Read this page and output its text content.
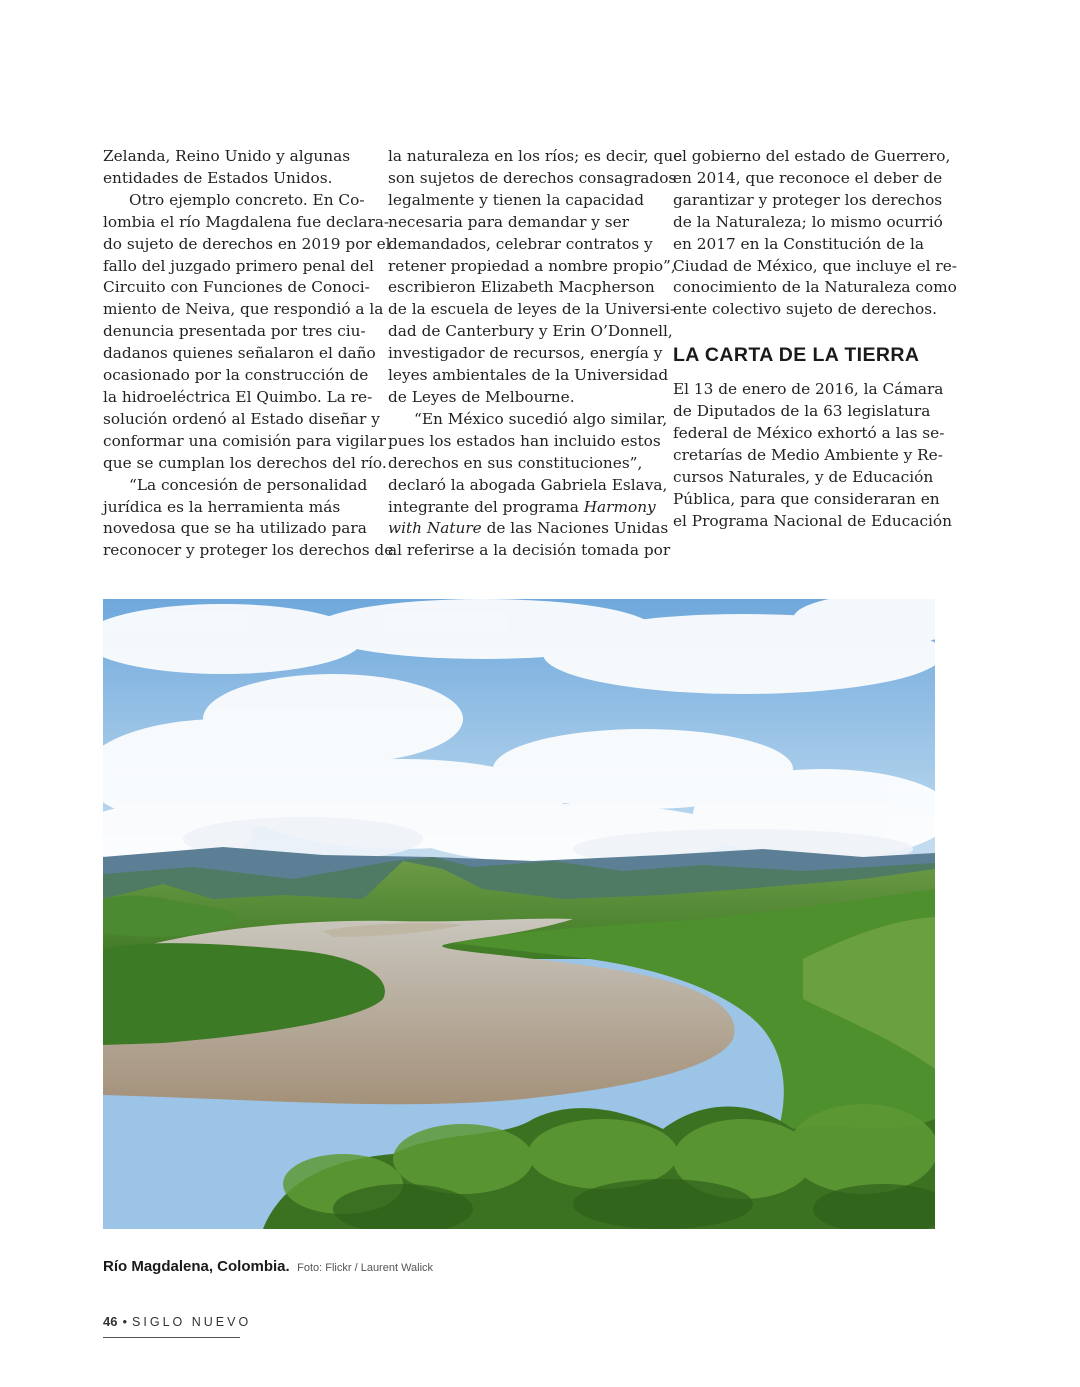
Zelanda, Reino Unido y algunas

entidades de Estados Unidos.

Otro ejemplo concreto. En Co-

lombia el río Magdalena fue declara-

do sujeto de derechos en 2019 por el

fallo del juzgado primero penal del

Circuito con Funciones de Conoci-

miento de Neiva, que respondió a la

denuncia presentada por tres ciu-

dadanos quienes señalaron el daño

ocasionado por la construcción de

la hidroeléctrica El Quimbo. La re-

solución ordenó al Estado diseñar y

conformar una comisión para vigilar

que se cumplan los derechos del río.

“La concesión de personalidad

jurídica es la herramienta más

novedosa que se ha utilizado para

reconocer y proteger los derechos de

la naturaleza en los ríos; es decir, que

son sujetos de derechos consagrados

legalmente y tienen la capacidad

necesaria para demandar y ser

demandados, celebrar contratos y

retener propiedad a nombre propio”,

escribieron Elizabeth Macpherson

de la escuela de leyes de la Universi-

dad de Canterbury y Erin O’Donnell,

investigador de recursos, energía y

leyes ambientales de la Universidad

de Leyes de Melbourne.

“En México sucedió algo similar,

pues los estados han incluido estos

derechos en sus constituciones”,

declaró la abogada Gabriela Eslava,

integrante del programa Harmony

with Nature de las Naciones Unidas

al referirse a la decisión tomada por

el gobierno del estado de Guerrero,

en 2014, que reconoce el deber de

garantizar y proteger los derechos

de la Naturaleza; lo mismo ocurrió

en 2017 en la Constitución de la

Ciudad de México, que incluye el re-

conocimiento de la Naturaleza como

ente colectivo sujeto de derechos.

LA CARTA DE LA TIERRA

El 13 de enero de 2016, la Cámara

de Diputados de la 63 legislatura

federal de México exhortó a las se-

cretarías de Medio Ambiente y Re-

cursos Naturales, y de Educación

Pública, para que consideraran en

el Programa Nacional de Educación

Río Magdalena, Colombia. Foto: Flickr / Laurent Walick
46 • SIGLO NUEVO
